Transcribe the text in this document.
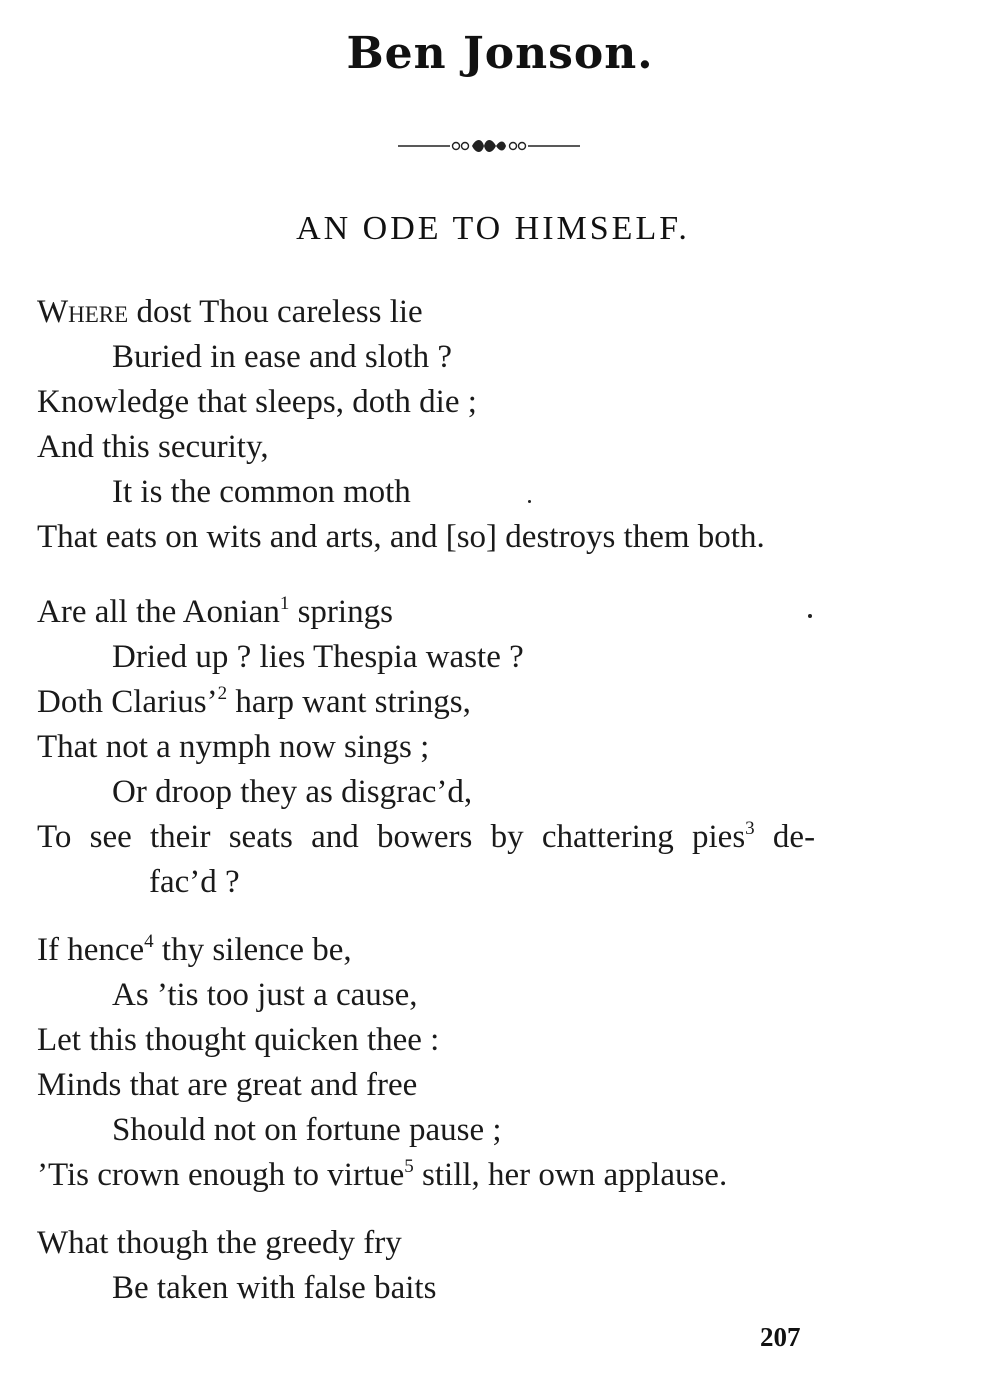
Ben Jonson.
AN ODE TO HIMSELF.
Where dost Thou careless lie
Buried in ease and sloth ?
Knowledge that sleeps, doth die ;
And this security,
It is the common moth
That eats on wits and arts, and [so] destroys them both.
Are all the Aonian$^1$ springs
Dried up ? lies Thespia waste ?
Doth Clarius’$^2$ harp want strings,
That not a nymph now sings ;
Or droop they as disgrac’d,
To see their seats and bowers by chattering pies$^3$ de-
fac’d ?
If hence$^4$ thy silence be,
As ’tis too just a cause,
Let this thought quicken thee :
Minds that are great and free
Should not on fortune pause ;
’Tis crown enough to virtue$^5$ still, her own applause.
What though the greedy fry
Be taken with false baits
207
